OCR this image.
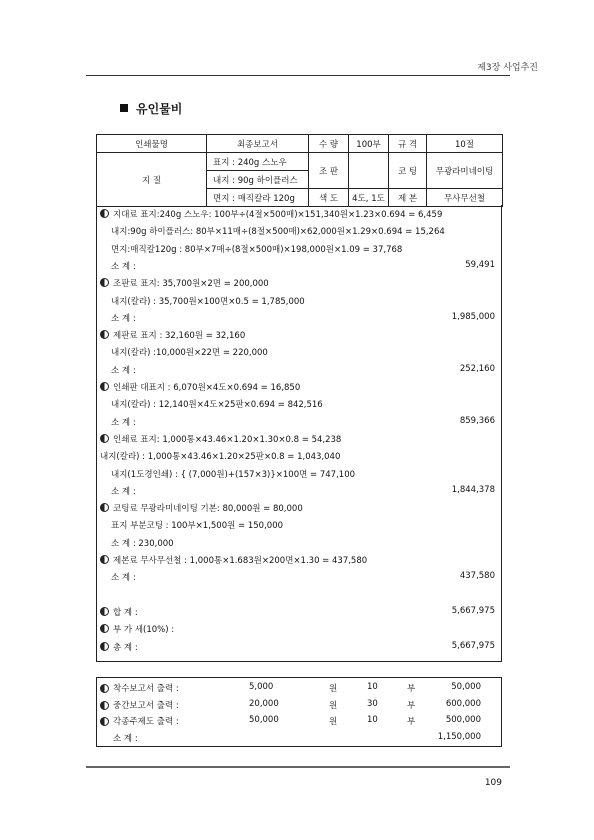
제3장 사업추진
유인물비
인쇄물명	최종보고서	수 량	100부	규 격	10절
지 질	표지 : 240g 스노우	조 판		코 팅	무광라미네이팅
	내지 : 90g 하이플러스				
	면지 : 매직칼라 120g	색 도	4도, 1도	제 본	무사무선철
지대료 표지:240g 스노우: 100부÷(4절×500매)×151,340원×1.23×0.694 = 6,459
내지:90g 하이플러스: 80부×11매÷(8절×500매)×62,000원×1.29×0.694 = 15,264
면지:매직칼120g : 80부×7매÷(8절×500매)×198,000원×1.09 = 37,768
소 계 :	59,491
조판료 표지: 35,700원×2면 = 200,000
내지(칼라) : 35,700원×100면×0.5 = 1,785,000
소 계 :	1,985,000
제판료 표지 : 32,160원 = 32,160
내지(칼라) :10,000원×22면 = 220,000
소 계 :	252,160
인쇄판 대표지 : 6,070원×4도×0.694 = 16,850
내지(칼라) : 12,140원×4도×25판×0.694 = 842,516
소 계 :	859,366
인쇄료 표지: 1,000통×43.46×1.20×1.30×0.8 = 54,238
내지(칼라) : 1,000통×43.46×1.20×25판×0.8 = 1,043,040
내지(1도경인쇄) : { (7,000원)+(157×3)}×100면 = 747,100
소 계 :	1,844,378
코팅료 무광라미네이팅 기본: 80,000원 = 80,000
표지 부분코팅 : 100부×1,500원 = 150,000
소 계 : 230,000
제본료 무사무선철 : 1,000통×1.683원×200면×1.30 = 437,580
소 계 :	437,580
합 계 :	5,667,975
부 가 세(10%) :
총 계 :	5,667,975
착수보고서 출력 :	5,000	원	10	부	50,000
중간보고서 출력 :	20,000	원	30	부	600,000
각종주제도 출력 :	50,000	원	10	부	500,000
소 계 :	1,150,000
109
